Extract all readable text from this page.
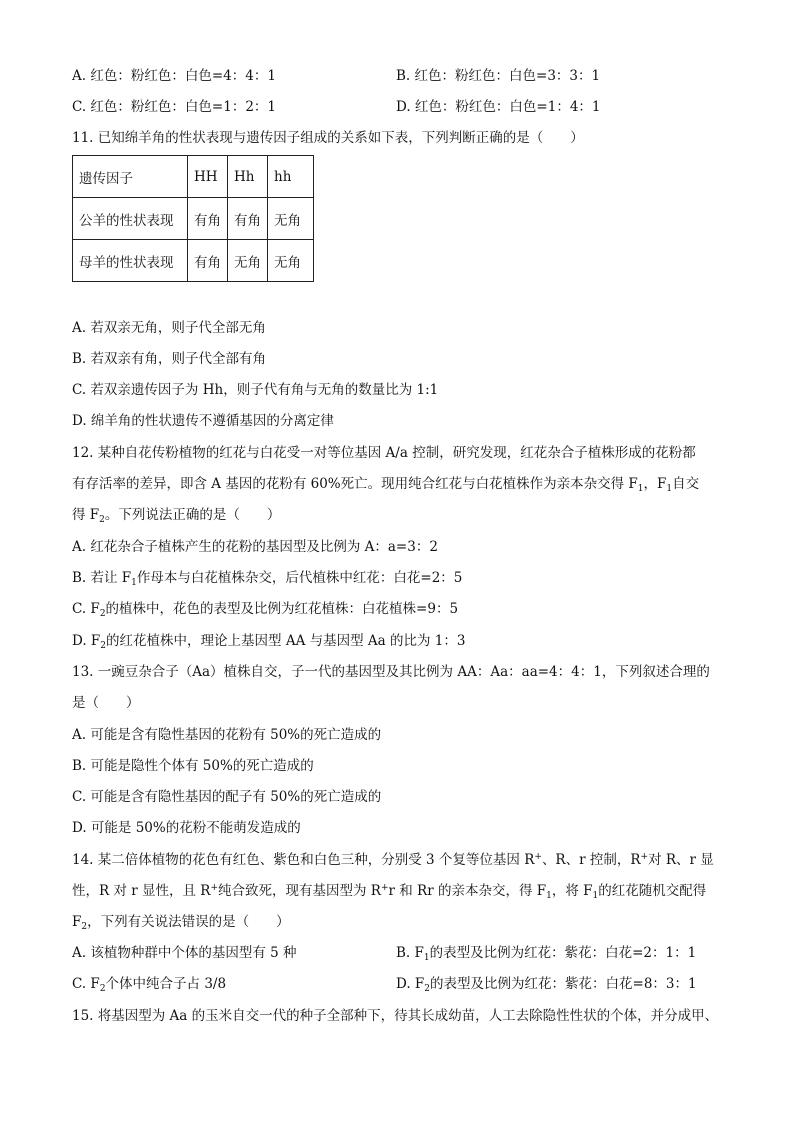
A. 红色：粉红色：白色=4：4：1	B. 红色：粉红色：白色=3：3：1
C. 红色：粉红色：白色=1：2：1	D. 红色：粉红色：白色=1：4：1
11. 已知绵羊角的性状表现与遗传因子组成的关系如下表，下列判断正确的是（　　）
遗传因子	HH	Hh	hh
公羊的性状表现	有角	有角	无角
母羊的性状表现	有角	无角	无角
A. 若双亲无角，则子代全部无角
B. 若双亲有角，则子代全部有角
C. 若双亲遗传因子为 Hh，则子代有角与无角的数量比为 1:1
D. 绵羊角的性状遗传不遵循基因的分离定律
12. 某种自花传粉植物的红花与白花受一对等位基因 A/a 控制，研究发现，红花杂合子植株形成的花粉都
有存活率的差异，即含 A 基因的花粉有 60%死亡。现用纯合红花与白花植株作为亲本杂交得 $F_1$，$F_1$自交
得 $F_2$。下列说法正确的是（　　）
A. 红花杂合子植株产生的花粉的基因型及比例为 A：a=3：2
B. 若让 $F_1$作母本与白花植株杂交，后代植株中红花：白花=2：5
C. $F_2$的植株中，花色的表型及比例为红花植株：白花植株=9：5
D. $F_2$的红花植株中，理论上基因型 AA 与基因型 Aa 的比为 1：3
13. 一豌豆杂合子（Aa）植株自交，子一代的基因型及其比例为 AA：Aa：aa=4：4：1，下列叙述合理的
是（　　）
A. 可能是含有隐性基因的花粉有 50%的死亡造成的
B. 可能是隐性个体有 50%的死亡造成的
C. 可能是含有隐性基因的配子有 50%的死亡造成的
D. 可能是 50%的花粉不能萌发造成的
14. 某二倍体植物的花色有红色、紫色和白色三种，分别受 3 个复等位基因 R+、R、r 控制，R+对 R、r 显
性，R 对 r 显性，且 R+纯合致死，现有基因型为 R+r 和 Rr 的亲本杂交，得 $F_1$，将 $F_1$的红花随机交配得
$F_2$，下列有关说法错误的是（　　）
A. 该植物种群中个体的基因型有 5 种	B. $F_1$的表型及比例为红花：紫花：白花=2：1：1
C. $F_2$个体中纯合子占 3/8	D. $F_2$的表型及比例为红花：紫花：白花=8：3：1
15. 将基因型为 Aa 的玉米自交一代的种子全部种下，待其长成幼苗，人工去除隐性性状的个体，并分成甲、
